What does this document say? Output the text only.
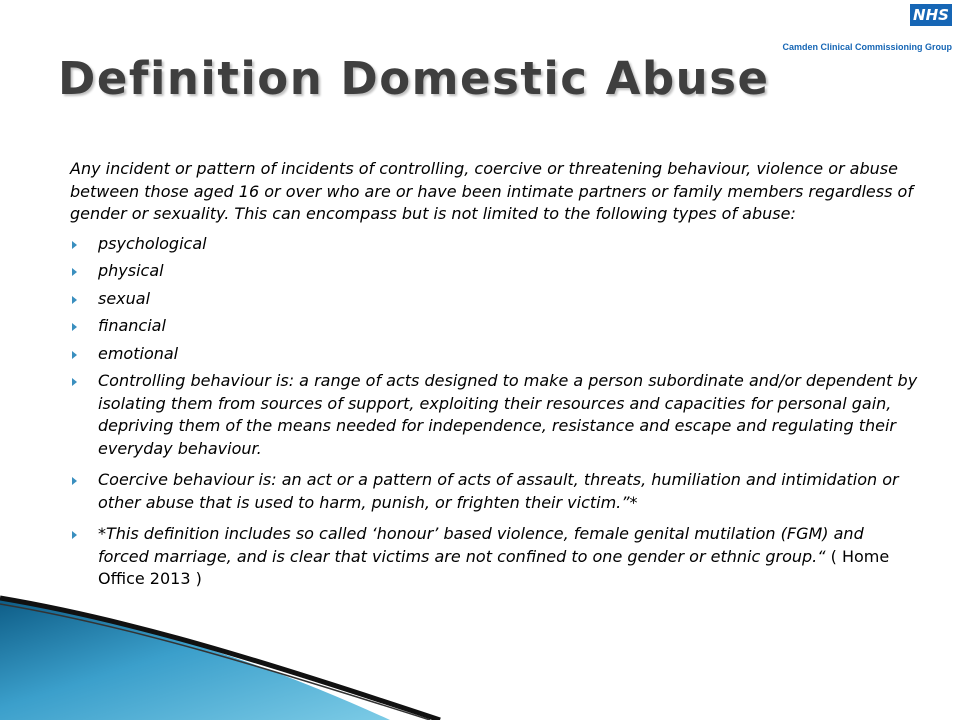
NHS
Camden Clinical Commissioning Group
Definition Domestic Abuse

Any incident or pattern of incidents of controlling, coercive or threatening behaviour, violence or abuse between those aged 16 or over who are or have been intimate partners or family members regardless of gender or sexuality. This can encompass but is not limited to the following types of abuse:

psychological
physical
sexual
financial
emotional
Controlling behaviour is: a range of acts designed to make a person subordinate and/or dependent by isolating them from sources of support, exploiting their resources and capacities for personal gain, depriving them of the means needed for independence, resistance and escape and regulating their everyday behaviour.
Coercive behaviour is: an act or a pattern of acts of assault, threats, humiliation and intimidation or other abuse that is used to harm, punish, or frighten their victim.”*
*This definition includes so called ‘honour’ based violence, female genital mutilation (FGM) and forced marriage, and is clear that victims are not confined to one gender or ethnic group.“ ( Home Office 2013 )
